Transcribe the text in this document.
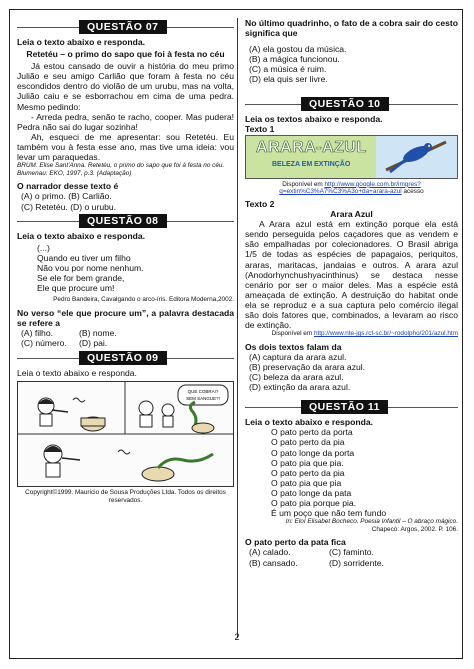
QUESTÃO 07

Leia o texto abaixo e responda.

Retetéu – o primo do sapo que foi à festa no céu

Já estou cansado de ouvir a história do meu primo Julião e seu amigo Carlião que foram à festa no céu escondidos dentro do violão de um urubu, mas na volta, Julião caiu e se esborrachou em cima de uma pedra. Mesmo pedindo:

- Arreda pedra, senão te racho, cooper. Mas pudera! Pedra não sai do lugar sozinha!

Ah, esqueci de me apresentar: sou Retetéu. Eu também vou à festa esse ano, mas tive uma ideia: vou levar um paraquedas.

BRUM. Elise Sant'Anna. Retetéu, o primo do sapo que foi à festa no céu. Blumenau: EKO, 1997, p.3. (Adaptação)

O narrador desse texto é

(A) o primo. (B) Carlião.

(C) Retetéu. (D) o urubu.

QUESTÃO 08

Leia o texto abaixo e responda.

(...)

Quando eu tiver um filho

Não vou por nome nenhum.

Se ele for bem grande,

Ele que procure um!

Pedro Bandeira, Cavalgando o arco-íris. Editora Moderna,2002.

No verso “ele que procure um”, a palavra destacada se refere a

(A) filho.	(B) nome.
(C) número.	(D) pai.
QUESTÃO 09

Leia o texto abaixo e responda.

QUE COBRA!?
SEM SANGUE?!

Copyright©1999. Mauricio de Sousa Produções Ltda. Todos os direitos reservados.

No último quadrinho, o fato de a cobra sair do cesto significa que

(A) ela gostou da música.

(B) a mágica funcionou.

(C) a música é ruim.

(D) ela quis ser livre.

QUESTÃO 10

Leia os textos abaixo e responda.

Texto 1

ARARA-AZUL
BELEZA EM EXTINÇÃO

Disponível em http://www.google.com.br/imgres?q=extin%C3%A7%C3%A3o+da+arara-azul acesso

Texto 2

Arara Azul

A Arara azul está em extinção porque ela está sendo perseguida pelos caçadores que as vendem e são empalhadas por colecionadores. O Brasil abriga 1/5 de todas as espécies de papagaios, periquitos, araras, maritacas, jandaias e outros. A arara azul (Anodorhynchushyacinthinus) se destaca nesse cenário por ser o maior deles. Mas a espécie está ameaçada de extinção. A destruição do habitat onde ela se reproduz e a sua captura pelo comércio ilegal são dois fatores que, combinados, a levaram ao risco de extinção.

Disponível em http://www.nte-jgs.rct-sc.br/~rodolpho/201/azul.htm

Os dois textos falam da

(A) captura da arara azul.

(B) preservação da arara azul.

(C) beleza da arara azul.

(D) extinção da arara azul.

QUESTÃO 11

Leia o texto abaixo e responda.

O pato perto da porta

O pato perto da pia

O pato longe da porta

O pato pia que pia.

O pato perto da pia

O pato pia que pia

O pato longe da pata

O pato pia porque pia.

É um poço que não tem fundo

In: Eloí Elisabet Bocheco. Poesia Infantil – O abraço mágico.

Chapecó: Argos, 2002. P. 106.

O pato perto da pata fica

(A) calado.	(C) faminto.
(B) cansado.	(D) sorridente.
2
